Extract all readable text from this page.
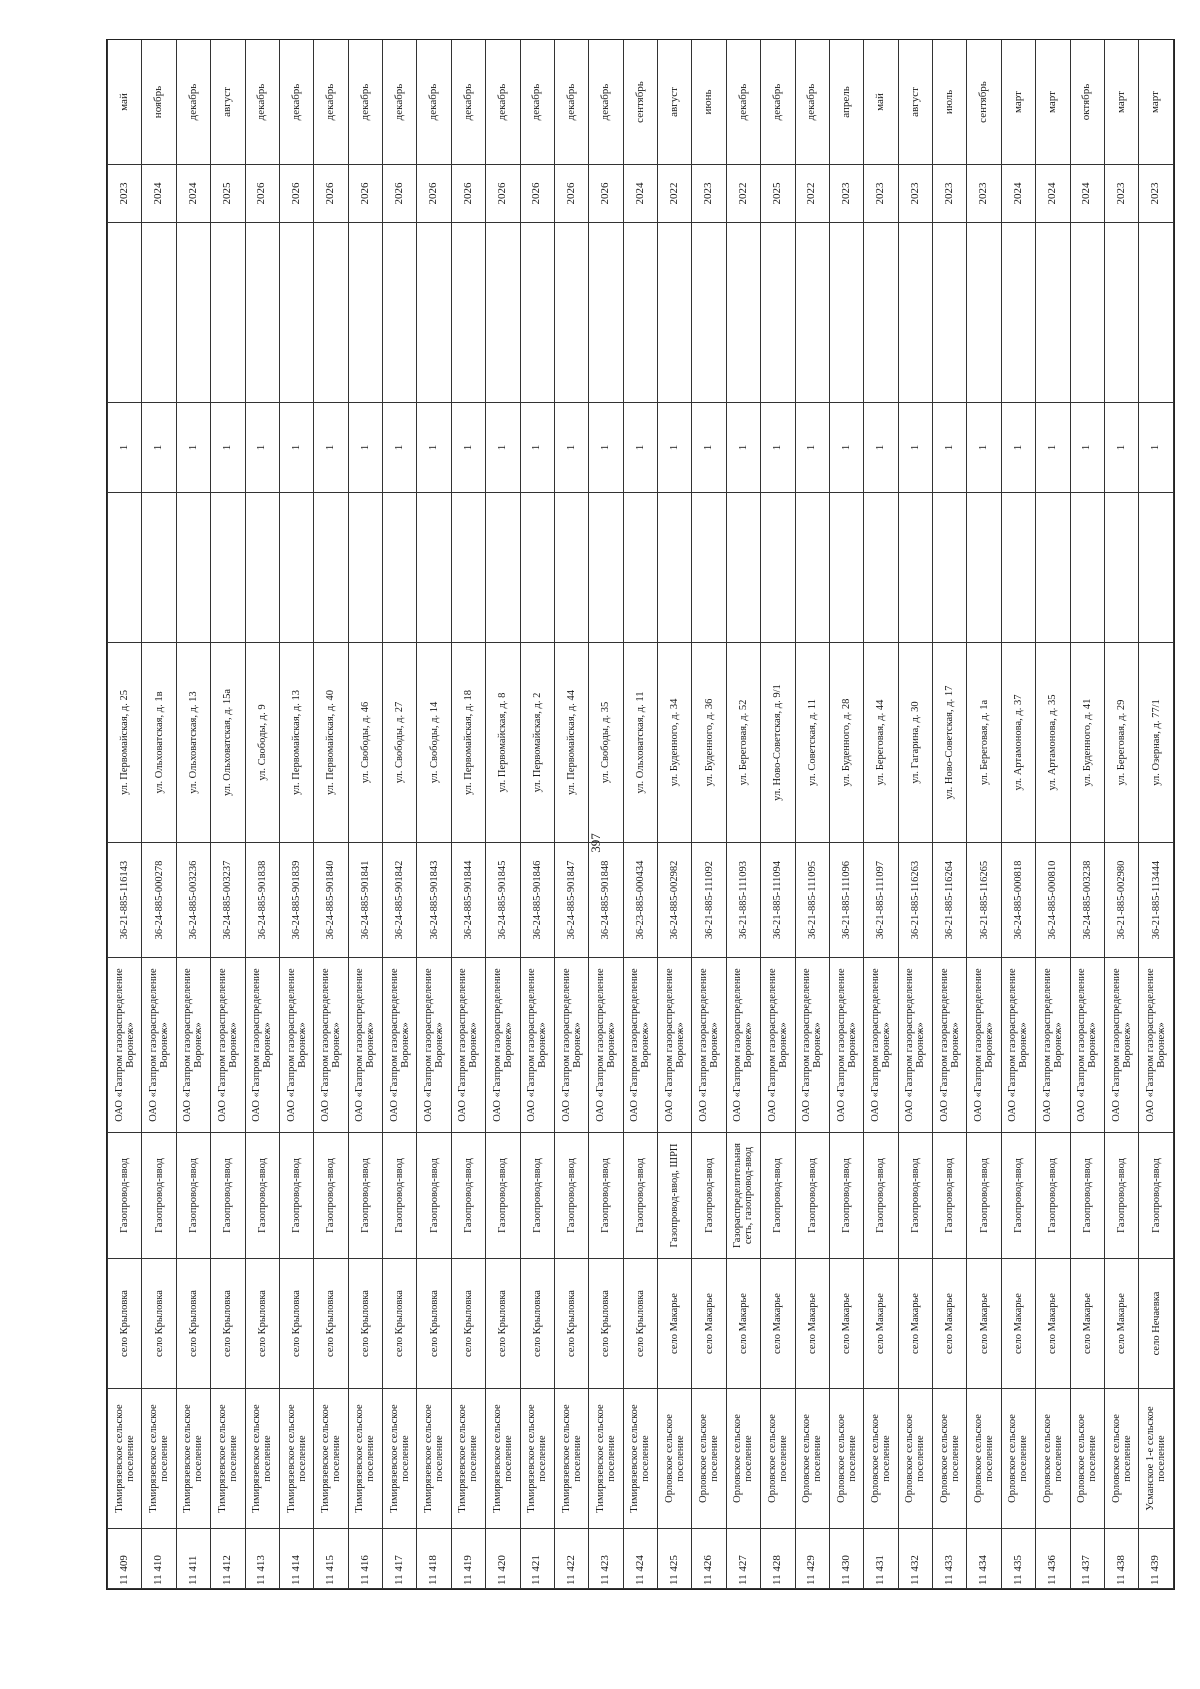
397
11 409	Тимирязевское сельское поселение	село Крыловка	Газопровод-ввод	ОАО «Газпром газораспределение Воронеж»	36-21-885-116143	ул. Первомайская, д. 25		1		2023	май
11 410	Тимирязевское сельское поселение	село Крыловка	Газопровод-ввод	ОАО «Газпром газораспределение Воронеж»	36-24-885-000278	ул. Ольховатская, д. 1в		1		2024	ноябрь
11 411	Тимирязевское сельское поселение	село Крыловка	Газопровод-ввод	ОАО «Газпром газораспределение Воронеж»	36-24-885-003236	ул. Ольховатская, д. 13		1		2024	декабрь
11 412	Тимирязевское сельское поселение	село Крыловка	Газопровод-ввод	ОАО «Газпром газораспределение Воронеж»	36-24-885-003237	ул. Ольховатская, д. 15а		1		2025	август
11 413	Тимирязевское сельское поселение	село Крыловка	Газопровод-ввод	ОАО «Газпром газораспределение Воронеж»	36-24-885-901838	ул. Свободы, д. 9		1		2026	декабрь
11 414	Тимирязевское сельское поселение	село Крыловка	Газопровод-ввод	ОАО «Газпром газораспределение Воронеж»	36-24-885-901839	ул. Первомайская, д. 13		1		2026	декабрь
11 415	Тимирязевское сельское поселение	село Крыловка	Газопровод-ввод	ОАО «Газпром газораспределение Воронеж»	36-24-885-901840	ул. Первомайская, д. 40		1		2026	декабрь
11 416	Тимирязевское сельское поселение	село Крыловка	Газопровод-ввод	ОАО «Газпром газораспределение Воронеж»	36-24-885-901841	ул. Свободы, д. 46		1		2026	декабрь
11 417	Тимирязевское сельское поселение	село Крыловка	Газопровод-ввод	ОАО «Газпром газораспределение Воронеж»	36-24-885-901842	ул. Свободы, д. 27		1		2026	декабрь
11 418	Тимирязевское сельское поселение	село Крыловка	Газопровод-ввод	ОАО «Газпром газораспределение Воронеж»	36-24-885-901843	ул. Свободы, д. 14		1		2026	декабрь
11 419	Тимирязевское сельское поселение	село Крыловка	Газопровод-ввод	ОАО «Газпром газораспределение Воронеж»	36-24-885-901844	ул. Первомайская, д. 18		1		2026	декабрь
11 420	Тимирязевское сельское поселение	село Крыловка	Газопровод-ввод	ОАО «Газпром газораспределение Воронеж»	36-24-885-901845	ул. Первомайская, д. 8		1		2026	декабрь
11 421	Тимирязевское сельское поселение	село Крыловка	Газопровод-ввод	ОАО «Газпром газораспределение Воронеж»	36-24-885-901846	ул. Первомайская, д. 2		1		2026	декабрь
11 422	Тимирязевское сельское поселение	село Крыловка	Газопровод-ввод	ОАО «Газпром газораспределение Воронеж»	36-24-885-901847	ул. Первомайская, д. 44		1		2026	декабрь
11 423	Тимирязевское сельское поселение	село Крыловка	Газопровод-ввод	ОАО «Газпром газораспределение Воронеж»	36-24-885-901848	ул. Свободы, д. 35		1		2026	декабрь
11 424	Тимирязевское сельское поселение	село Крыловка	Газопровод-ввод	ОАО «Газпром газораспределение Воронеж»	36-23-885-000434	ул. Ольховатская, д. 11		1		2024	сентябрь
11 425	Орловское сельское поселение	село Макарье	Газопровод-ввод, ШРП	ОАО «Газпром газораспределение Воронеж»	36-24-885-002982	ул. Буденного, д. 34		1		2022	август
11 426	Орловское сельское поселение	село Макарье	Газопровод-ввод	ОАО «Газпром газораспределение Воронеж»	36-21-885-111092	ул. Буденного, д. 36		1		2023	июнь
11 427	Орловское сельское поселение	село Макарье	Газораспределительная сеть, газопровод-ввод	ОАО «Газпром газораспределение Воронеж»	36-21-885-111093	ул. Береговая, д. 52		1		2022	декабрь
11 428	Орловское сельское поселение	село Макарье	Газопровод-ввод	ОАО «Газпром газораспределение Воронеж»	36-21-885-111094	ул. Ново-Советская, д. 9/1		1		2025	декабрь
11 429	Орловское сельское поселение	село Макарье	Газопровод-ввод	ОАО «Газпром газораспределение Воронеж»	36-21-885-111095	ул. Советская, д. 11		1		2022	декабрь
11 430	Орловское сельское поселение	село Макарье	Газопровод-ввод	ОАО «Газпром газораспределение Воронеж»	36-21-885-111096	ул. Буденного, д. 28		1		2023	апрель
11 431	Орловское сельское поселение	село Макарье	Газопровод-ввод	ОАО «Газпром газораспределение Воронеж»	36-21-885-111097	ул. Береговая, д. 44		1		2023	май
11 432	Орловское сельское поселение	село Макарье	Газопровод-ввод	ОАО «Газпром газораспределение Воронеж»	36-21-885-116263	ул. Гагарина, д. 30		1		2023	август
11 433	Орловское сельское поселение	село Макарье	Газопровод-ввод	ОАО «Газпром газораспределение Воронеж»	36-21-885-116264	ул. Ново-Советская, д. 17		1		2023	июль
11 434	Орловское сельское поселение	село Макарье	Газопровод-ввод	ОАО «Газпром газораспределение Воронеж»	36-21-885-116265	ул. Береговая, д. 1а		1		2023	сентябрь
11 435	Орловское сельское поселение	село Макарье	Газопровод-ввод	ОАО «Газпром газораспределение Воронеж»	36-24-885-000818	ул. Артамонова, д. 37		1		2024	март
11 436	Орловское сельское поселение	село Макарье	Газопровод-ввод	ОАО «Газпром газораспределение Воронеж»	36-24-885-000810	ул. Артамонова, д. 35		1		2024	март
11 437	Орловское сельское поселение	село Макарье	Газопровод-ввод	ОАО «Газпром газораспределение Воронеж»	36-24-885-003238	ул. Буденного, д. 41		1		2024	октябрь
11 438	Орловское сельское поселение	село Макарье	Газопровод-ввод	ОАО «Газпром газораспределение Воронеж»	36-21-885-002980	ул. Береговая, д. 29		1		2023	март
11 439	Усманское 1-е сельское поселение	село Нечаевка	Газопровод-ввод	ОАО «Газпром газораспределение Воронеж»	36-21-885-113444	ул. Озерная, д. 77/1		1		2023	март
